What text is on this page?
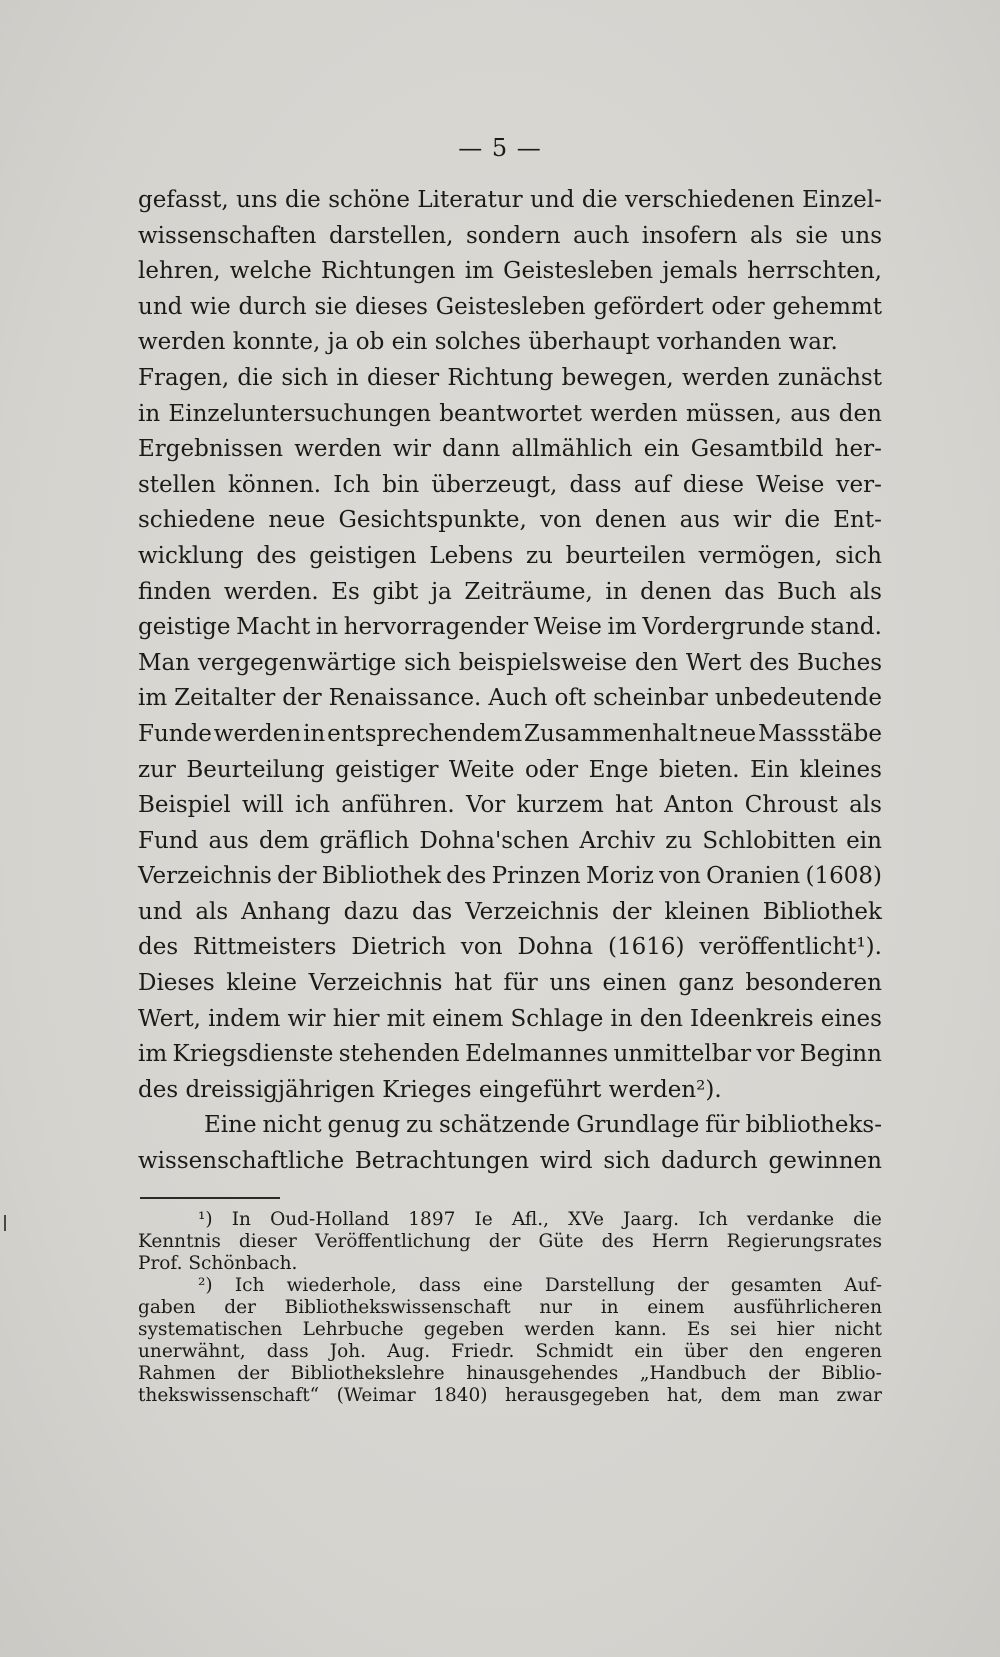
— 5 —
gefasst, uns die schöne Literatur und die verschiedenen Einzel-
wissenschaften darstellen, sondern auch insofern als sie uns
lehren, welche Richtungen im Geistesleben jemals herrschten,
und wie durch sie dieses Geistesleben gefördert oder gehemmt
werden konnte, ja ob ein solches überhaupt vorhanden war.
Fragen, die sich in dieser Richtung bewegen, werden zunächst
in Einzeluntersuchungen beantwortet werden müssen, aus den
Ergebnissen werden wir dann allmählich ein Gesamtbild her-
stellen können. Ich bin überzeugt, dass auf diese Weise ver-
schiedene neue Gesichtspunkte, von denen aus wir die Ent-
wicklung des geistigen Lebens zu beurteilen vermögen, sich
finden werden. Es gibt ja Zeiträume, in denen das Buch als
geistige Macht in hervorragender Weise im Vordergrunde stand.
Man vergegenwärtige sich beispielsweise den Wert des Buches
im Zeitalter der Renaissance. Auch oft scheinbar unbedeutende
Funde werden in entsprechendem Zusammenhalt neue Massstäbe
zur Beurteilung geistiger Weite oder Enge bieten. Ein kleines
Beispiel will ich anführen. Vor kurzem hat Anton Chroust als
Fund aus dem gräflich Dohna'schen Archiv zu Schlobitten ein
Verzeichnis der Bibliothek des Prinzen Moriz von Oranien (1608)
und als Anhang dazu das Verzeichnis der kleinen Bibliothek
des Rittmeisters Dietrich von Dohna (1616) veröffentlicht¹).
Dieses kleine Verzeichnis hat für uns einen ganz besonderen
Wert, indem wir hier mit einem Schlage in den Ideenkreis eines
im Kriegsdienste stehenden Edelmannes unmittelbar vor Beginn
des dreissigjährigen Krieges eingeführt werden²).
Eine nicht genug zu schätzende Grundlage für bibliotheks-
wissenschaftliche Betrachtungen wird sich dadurch gewinnen
¹) In Oud-Holland 1897 Ie Afl., XVe Jaarg. Ich verdanke die
Kenntnis dieser Veröffentlichung der Güte des Herrn Regierungsrates
Prof. Schönbach.
²) Ich wiederhole, dass eine Darstellung der gesamten Auf-
gaben der Bibliothekswissenschaft nur in einem ausführlicheren
systematischen Lehrbuche gegeben werden kann. Es sei hier nicht
unerwähnt, dass Joh. Aug. Friedr. Schmidt ein über den engeren
Rahmen der Bibliothekslehre hinausgehendes „Handbuch der Biblio-
thekswissenschaft“ (Weimar 1840) herausgegeben hat, dem man zwar
